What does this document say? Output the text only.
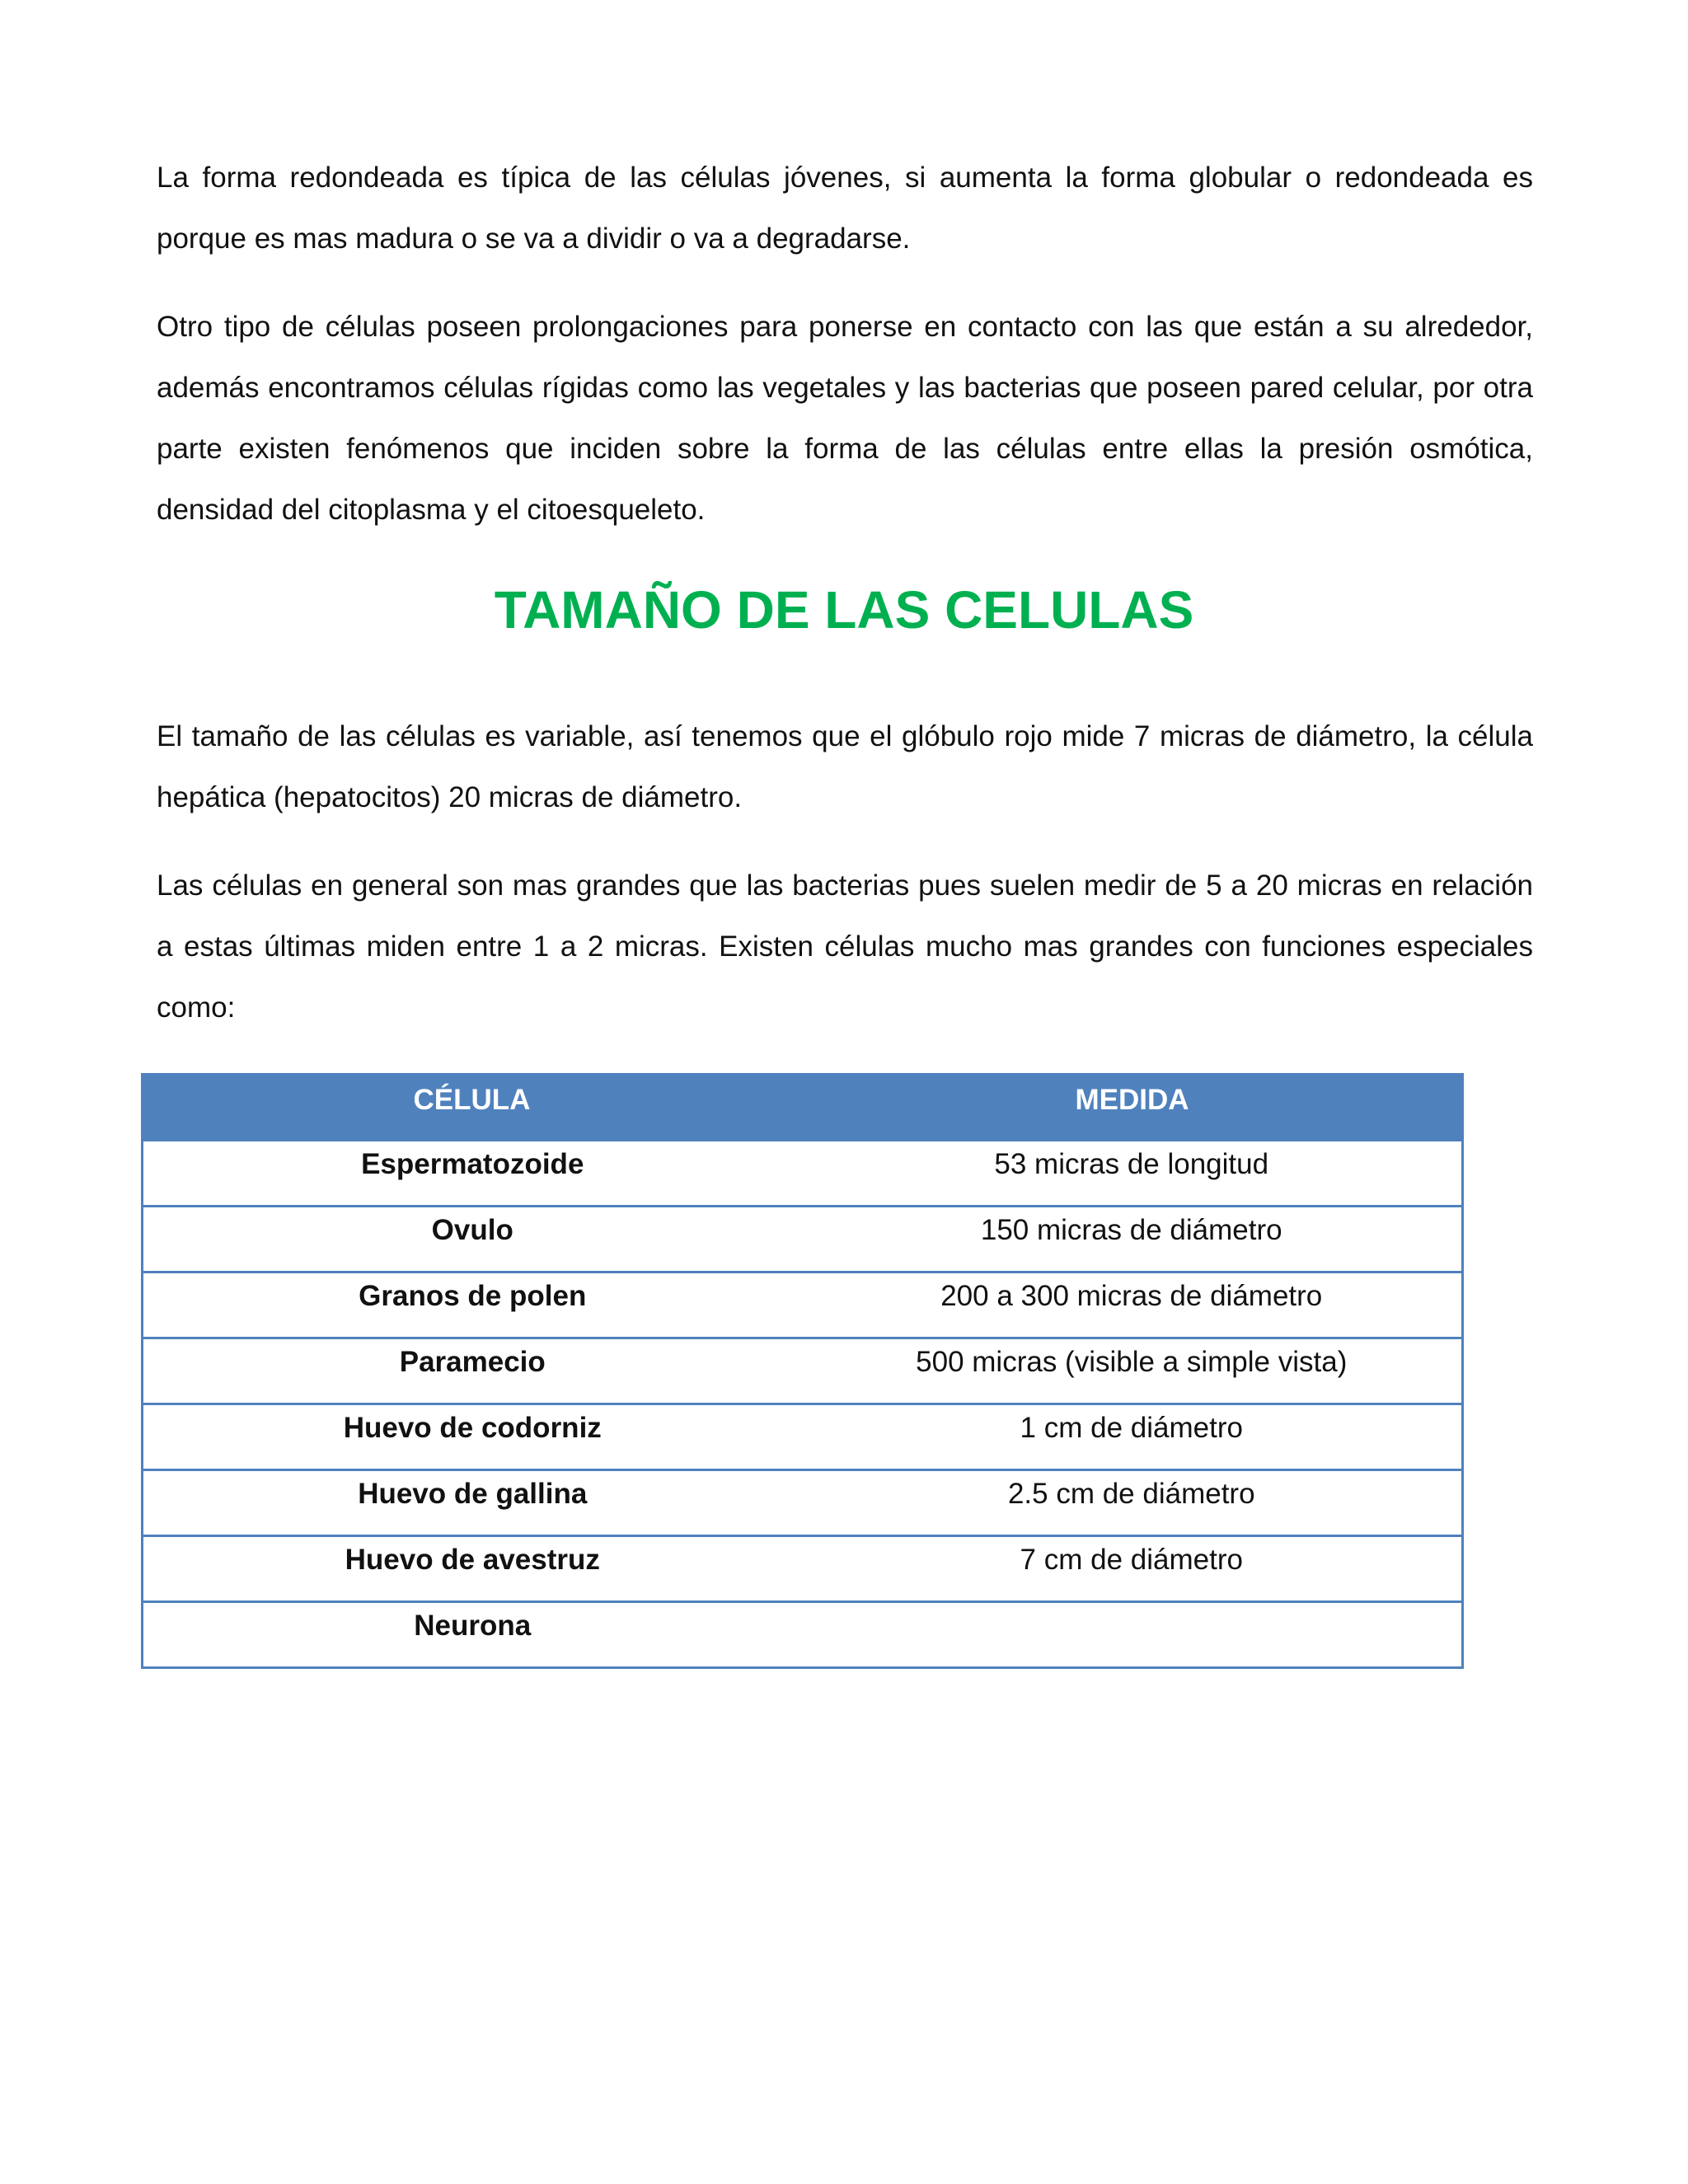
La forma redondeada es típica de las células jóvenes, si aumenta la forma globular o redondeada es porque es mas madura o se va a dividir o va a degradarse.

Otro tipo de células poseen prolongaciones para ponerse en contacto con las que están a su alrededor, además encontramos células rígidas como las vegetales y las bacterias que poseen pared celular, por otra parte existen fenómenos que inciden sobre la forma de las células entre ellas la presión osmótica, densidad del citoplasma y el citoesqueleto.

TAMAÑO DE LAS CELULAS

El tamaño de las células es variable, así tenemos que el glóbulo rojo mide 7 micras de diámetro, la célula hepática (hepatocitos) 20 micras de diámetro.

Las células en general son mas grandes que las bacterias pues suelen medir de 5 a 20 micras en relación a estas últimas miden entre 1 a 2 micras. Existen células mucho mas grandes con funciones especiales como:

CÉLULA	MEDIDA
Espermatozoide	53 micras de longitud
Ovulo	150 micras de diámetro
Granos de polen	200 a 300 micras de diámetro
Paramecio	500 micras (visible a simple vista)
Huevo de codorniz	1 cm de diámetro
Huevo de gallina	2.5 cm de diámetro
Huevo de avestruz	7 cm de diámetro
Neurona	
